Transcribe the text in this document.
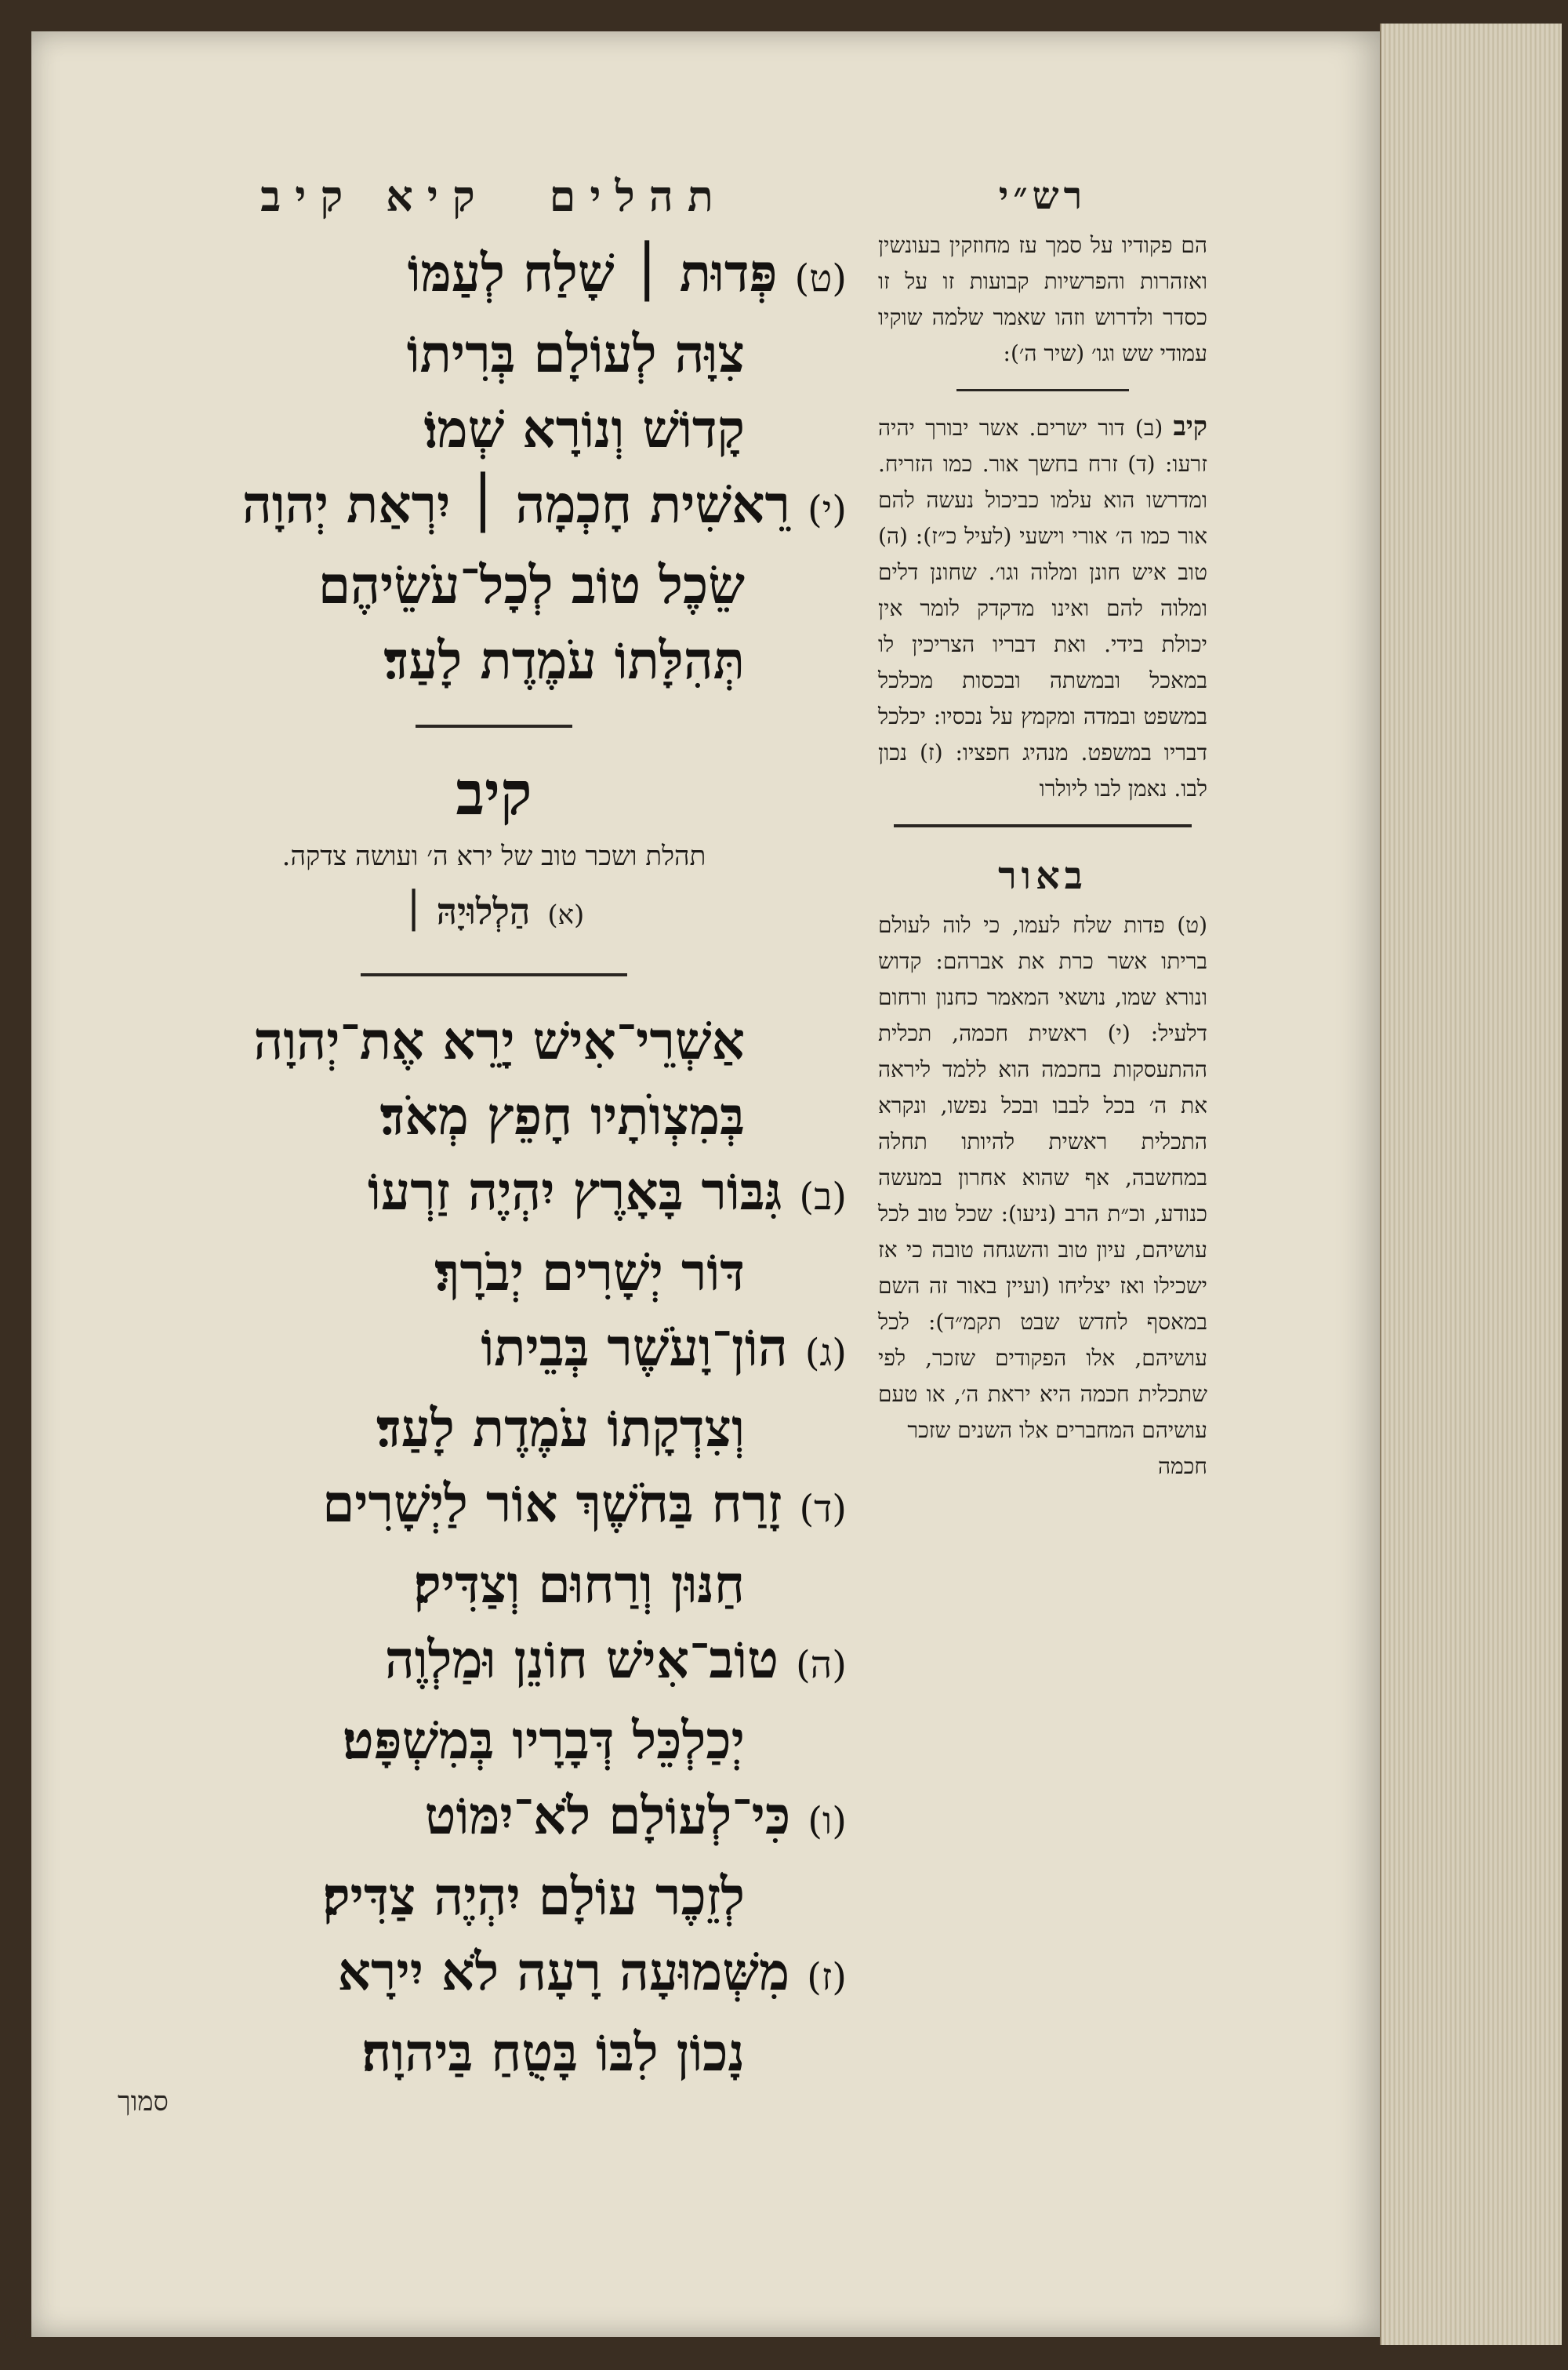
תהלים קיא קיב
(ט)פְּדוּת ׀ שָׁלַח לְעַמּוֹ
צִוָּה לְעוֹלָם בְּרִיתוֹ
קָדוֹשׁ וְנוֹרָא שְׁמוֹ׃
(י)רֵאשִׁית חָכְמָה ׀ יִרְאַת יְהוָה
שֵׂכֶל טוֹב לְכָל־עֹשֵׂיהֶם
תְּהִלָּתוֹ עֹמֶדֶת לָעַד׃
קיב
תהלת ושכר טוב של ירא ה׳ ועושה צדקה.
(א)הַלְלוּיָהּ ׀
אַשְׁרֵי־אִישׁ יָרֵא אֶת־יְהוָה
בְּמִצְוֺתָיו חָפֵץ מְאֹד׃
(ב)גִּבּוֹר בָּאָרֶץ יִהְיֶה זַרְעוֹ
דּוֹר יְשָׁרִים יְבֹרָךְ׃
(ג)הוֹן־וָעֹשֶׁר בְּבֵיתוֹ
וְצִדְקָתוֹ עֹמֶדֶת לָעַד׃
(ד)זָרַח בַּחֹשֶׁךְ אוֹר לַיְשָׁרִים
חַנּוּן וְרַחוּם וְצַדִּיק׃
(ה)טוֹב־אִישׁ חוֹנֵן וּמַלְוֶה
יְכַלְכֵּל דְּבָרָיו בְּמִשְׁפָּט׃
(ו)כִּי־לְעוֹלָם לֹא־יִמּוֹט
לְזֵכֶר עוֹלָם יִהְיֶה צַדִּיק׃
(ז)מִשְּׁמוּעָה רָעָה לֹא יִירָא
נָכוֹן לִבּוֹ בָּטֻחַ בַּיהוָה׃
סמוך
רש״י
הם פקודיו על סמך עז מחוזקין בעונשין ואזהרות והפרשיות קבועות זו על זו כסדר ולדרוש וזהו שאמר שלמה שוקיו עמודי שש וגו׳ (שיר ה׳):
קיב (ב) דור ישרים. אשר יבורך יהיה זרעו: (ד) זרח בחשך אור. כמו הזריח. ומדרשו הוא עלמו כביכול נעשה להם אור כמו ה׳ אורי וישעי (לעיל כ״ז): (ה) טוב איש חונן ומלוה וגו׳. שחונן דלים ומלוה להם ואינו מדקדק לומר אין יכולת בידי. ואת דבריו הצריכין לו במאכל ובמשתה ובכסות מכלכל במשפט ובמדה ומקמץ על נכסיו: יכלכל דבריו במשפט. מנהיג חפציו: (ז) נכון לבו. נאמן לבו ליולרו
באור
(ט) פדות שלח לעמו, כי לוה לעולם בריתו אשר כרת את אברהם: קדוש ונורא שמו, נושאי המאמר כחנון ורחום דלעיל: (י) ראשית חכמה, תכלית ההתעסקות בחכמה הוא ללמד ליראה את ה׳ בכל לבבו ובכל נפשו, ונקרא התכלית ראשית להיותו תחלה במחשבה, אף שהוא אחרון במעשה כנודע, וכ״ת הרב (ניעו): שכל טוב לכל עושיהם, עיון טוב והשגחה טובה כי אז ישכילו ואז יצליחו (ועיין באור זה השם במאסף לחדש שבט תקמ״ד): לכל עושיהם, אלו הפקודים שזכר, לפי שתכלית חכמה היא יראת ה׳, או טעם עושיהם המחברים אלו השנים שזכר
חכמה
